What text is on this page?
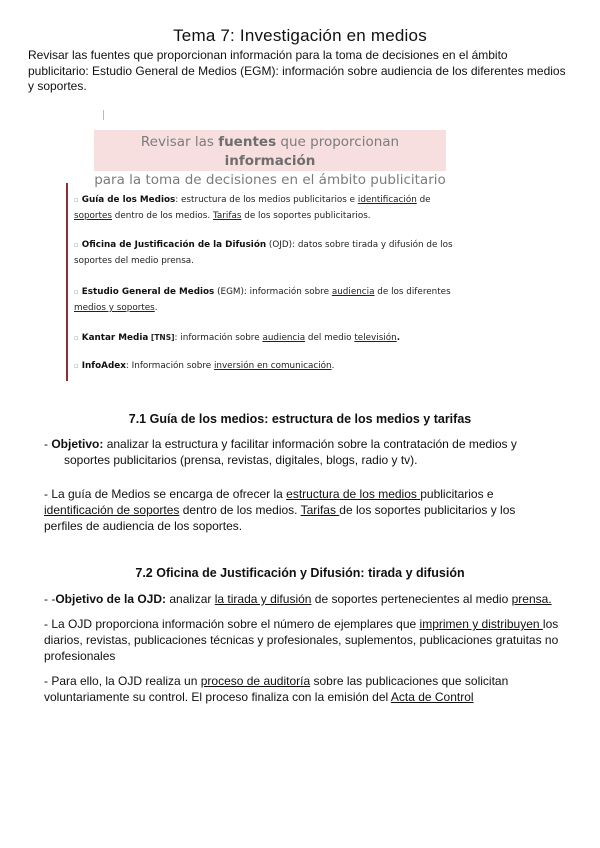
Tema 7: Investigación en medios
Revisar las fuentes que proporcionan información para la toma de decisiones en el ámbito publicitario: Estudio General de Medios (EGM): información sobre audiencia de los diferentes medios y soportes.
Revisar las fuentes que proporcionan información
para la toma de decisiones en el ámbito publicitario
▫ Guía de los Medios: estructura de los medios publicitarios e identificación de
soportes dentro de los medios. Tarifas de los soportes publicitarios.
▫ Oficina de Justificación de la Difusión (OJD): datos sobre tirada y difusión de los
soportes del medio prensa.
▫ Estudio General de Medios (EGM): información sobre audiencia de los diferentes
medios y soportes.
▫ Kantar Media [TNS]: información sobre audiencia del medio televisión.
▫ InfoAdex: Información sobre inversión en comunicación.
7.1 Guía de los medios: estructura de los medios y tarifas
- Objetivo: analizar la estructura y facilitar información sobre la contratación de medios y
soportes publicitarios (prensa, revistas, digitales, blogs, radio y tv).
- La guía de Medios se encarga de ofrecer la estructura de los medios publicitarios e
identificación de soportes dentro de los medios. Tarifas de los soportes publicitarios y los
perfiles de audiencia de los soportes.
7.2 Oficina de Justificación y Difusión: tirada y difusión
- -Objetivo de la OJD: analizar la tirada y difusión de soportes pertenecientes al medio prensa.
- La OJD proporciona información sobre el número de ejemplares que imprimen y distribuyen los diarios, revistas, publicaciones técnicas y profesionales, suplementos, publicaciones gratuitas no profesionales
- Para ello, la OJD realiza un proceso de auditoría sobre las publicaciones que solicitan voluntariamente su control. El proceso finaliza con la emisión del Acta de Control
